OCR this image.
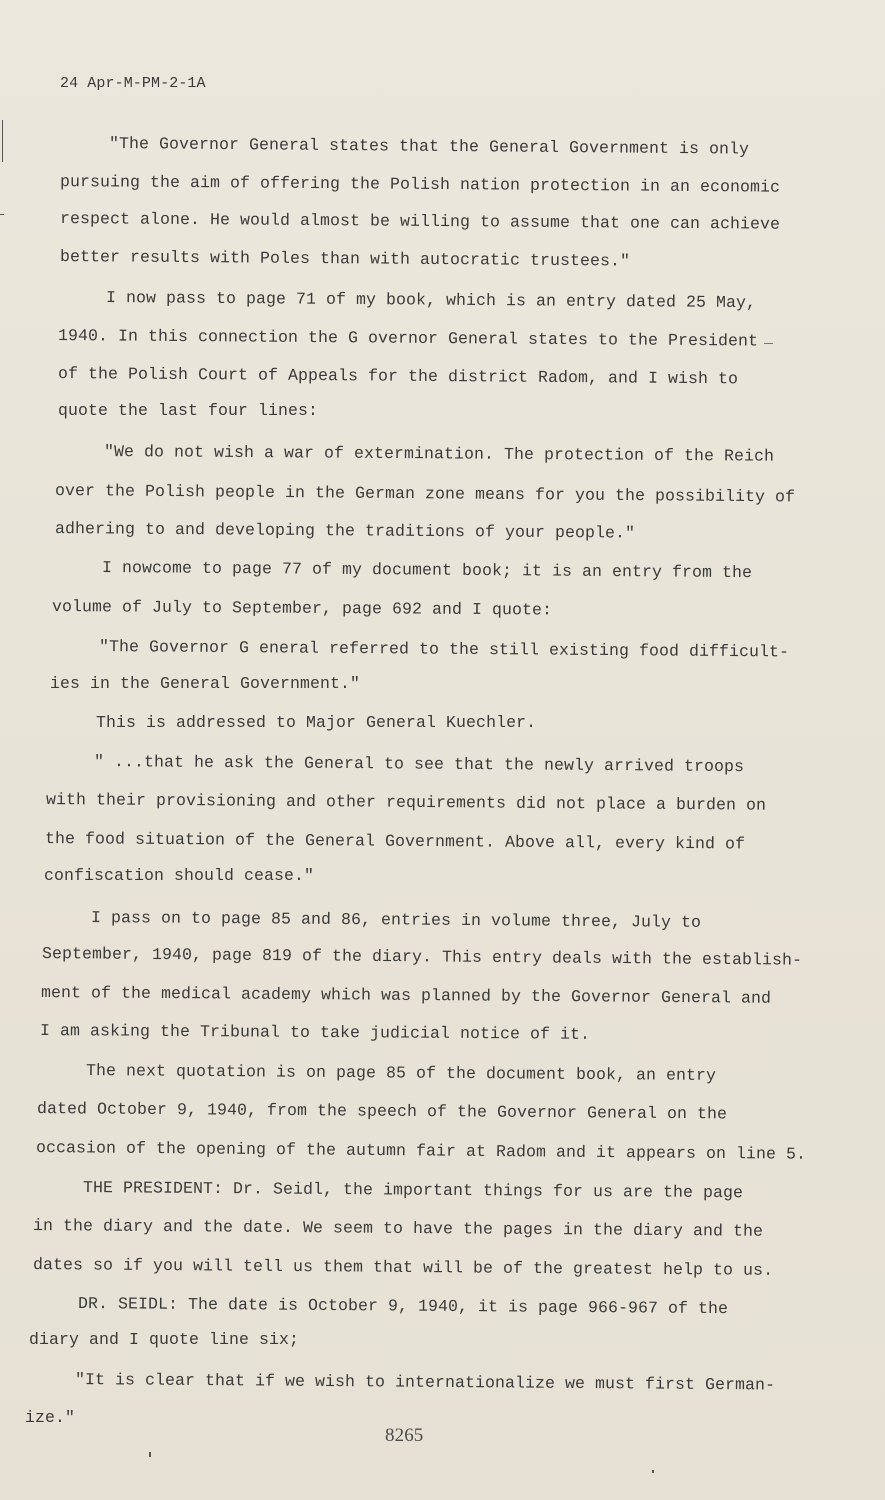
24 Apr-M-PM-2-1A
"The Governor General states that the General Government is only
pursuing the aim of offering the Polish nation protection in an economic
respect alone. He would almost be willing to assume that one can achieve
better results with Poles than with autocratic trustees."
I now pass to page 71 of my book, which is an entry dated 25 May,
1940. In this connection the G overnor General states to the President
of the Polish Court of Appeals for the district Radom, and I wish to
quote the last four lines:
"We do not wish a war of extermination. The protection of the Reich
over the Polish people in the German zone means for you the possibility of
adhering to and developing the traditions of your people."
I nowcome to page 77 of my document book; it is an entry from the
volume of July to September, page 692 and I quote:
"The Governor G eneral referred to the still existing food difficult-
ies in the General Government."
This is addressed to Major General Kuechler.
" ...that he ask the General to see that the newly arrived troops
with their provisioning and other requirements did not place a burden on
the food situation of the General Government. Above all, every kind of
confiscation should cease."
I pass on to page 85 and 86, entries in volume three, July to
September, 1940, page 819 of the diary. This entry deals with the establish-
ment of the medical academy which was planned by the Governor General and
I am asking the Tribunal to take judicial notice of it.
The next quotation is on page 85 of the document book, an entry
dated October 9, 1940, from the speech of the Governor General on the
occasion of the opening of the autumn fair at Radom and it appears on line 5.
THE PRESIDENT: Dr. Seidl, the important things for us are the page
in the diary and the date. We seem to have the pages in the diary and the
dates so if you will tell us them that will be of the greatest help to us.
DR. SEIDL: The date is October 9, 1940, it is page 966-967 of the
diary and I quote line six;
"It is clear that if we wish to internationalize we must first German-
ize."
8265
